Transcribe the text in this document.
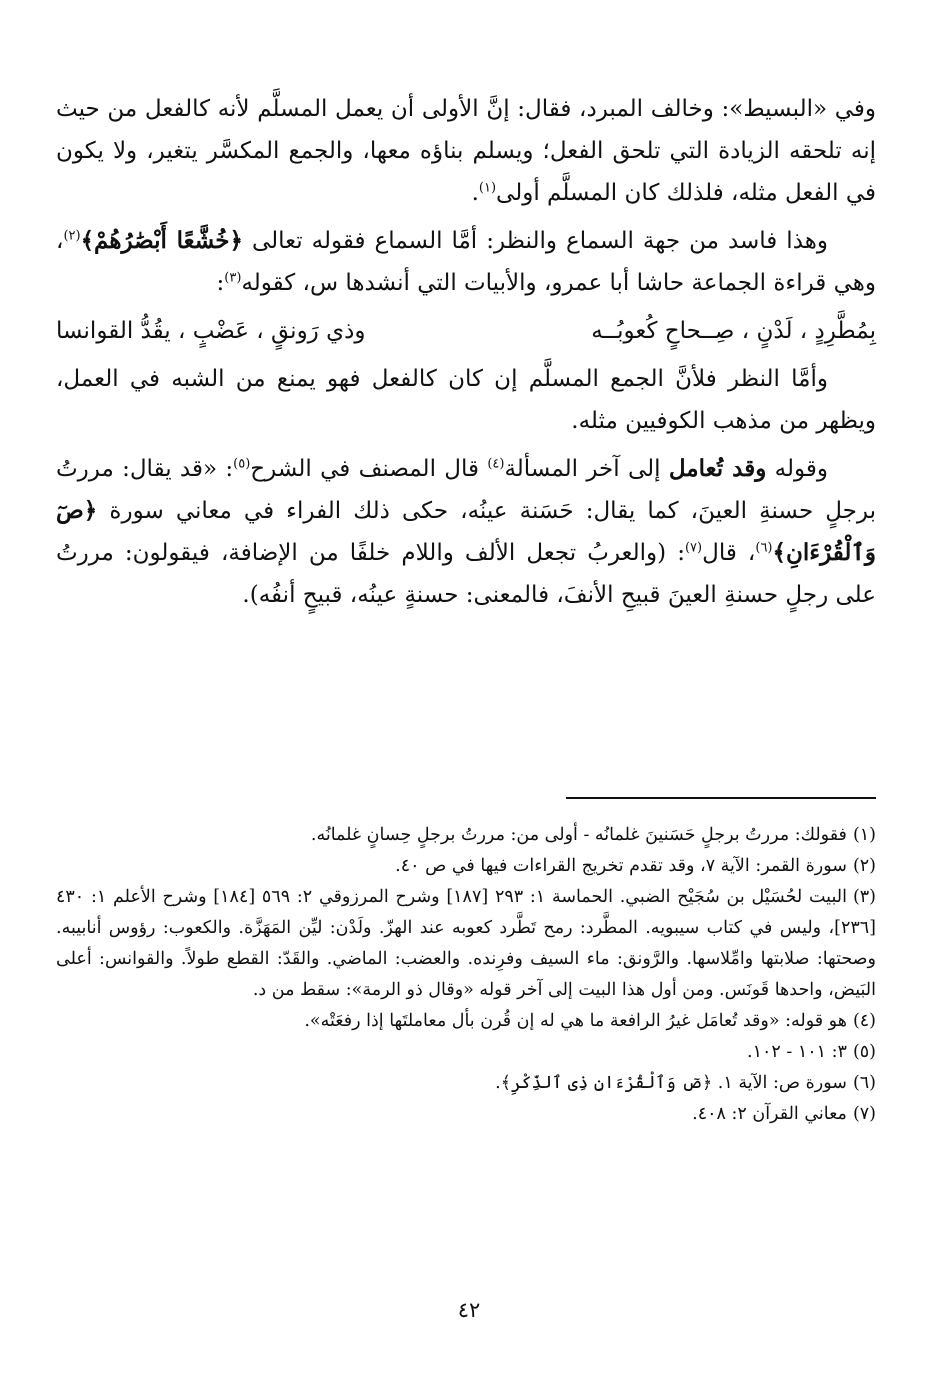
وفي «البسيط»: وخالف المبرد، فقال: إنَّ الأولى أن يعمل المسلَّم لأنه كالفعل من حيث إنه تلحقه الزيادة التي تلحق الفعل؛ ويسلم بناؤه معها، والجمع المكسَّر يتغير، ولا يكون في الفعل مثله، فلذلك كان المسلَّم أولى$^{(١)}$.

وهذا فاسد من جهة السماع والنظر: أمَّا السماع فقوله تعالى ﴿خُشَّعًا أَبْصَٰرُهُمْ﴾$^{(٢)}$، وهي قراءة الجماعة حاشا أبا عمرو، والأبيات التي أنشدها س، كقوله$^{(٣)}$:

بِمُطَّرِدٍ ، لَدْنٍ ، صِــحاحٍ كُعوبُــه
وذي رَونقٍ ، عَضْبٍ ، يقُدُّ القوانسا

وأمَّا النظر فلأنَّ الجمع المسلَّم إن كان كالفعل فهو يمنع من الشبه في العمل، ويظهر من مذهب الكوفيين مثله.

وقوله وقد تُعامل إلى آخر المسألة$^{(٤)}$ قال المصنف في الشرح$^{(٥)}$: «قد يقال: مررتُ برجلٍ حسنةِ العينَ، كما يقال: حَسَنة عينُه، حكى ذلك الفراء في معاني سورة ﴿صٓ وَٱلْقُرْءَانِ﴾$^{(٦)}$، قال$^{(٧)}$: (والعربُ تجعل الألف واللام خلفًا من الإضافة، فيقولون: مررتُ على رجلٍ حسنةِ العينَ قبيحِ الأنفَ، فالمعنى: حسنةٍ عينُه، قبيحٍ أنفُه).

(١)فقولك: مررتُ برجلٍ حَسَنينَ غلمانُه - أولى من: مررتُ برجلٍ حِسانٍ غلمانُه.

(٢)سورة القمر: الآية ٧، وقد تقدم تخريج القراءات فيها في ص ٤٠.

(٣)البيت لحُسَيْل بن سُجَيْح الضبي. الحماسة ١: ٢٩٣ [١٨٧] وشرح المرزوقي ٢: ٥٦٩ [١٨٤] وشرح الأعلم ١: ٤٣٠ [٢٣٦]، وليس في كتاب سيبويه. المطَّرد: رمح تَطَّرد كعوبه عند الهزّ. ولَدْن: ليِّن المَهَزَّة. والكعوب: رؤوس أنابيبه. وصحتها: صلابتها وامِّلاسها. والرَّونق: ماء السيف وفرِنده. والعضب: الماضي. والقَدّ: القطع طولاً. والقوانس: أعلى البَيض، واحدها قَونَس. ومن أول هذا البيت إلى آخر قوله «وقال ذو الرمة»: سقط من د.

(٤)هو قوله: «وقد تُعامَل غيرُ الرافعة ما هي له إن قُرن بأل معاملتَها إذا رفعَتْه».

(٥)٣: ١٠١ - ١٠٢.

(٦)سورة ص: الآية ١. ﴿صٓ وَٱلْقُرْءَانِ ذِى ٱلذِّكْرِ﴾.

(٧)معاني القرآن ٢: ٤٠٨.

٤٢
